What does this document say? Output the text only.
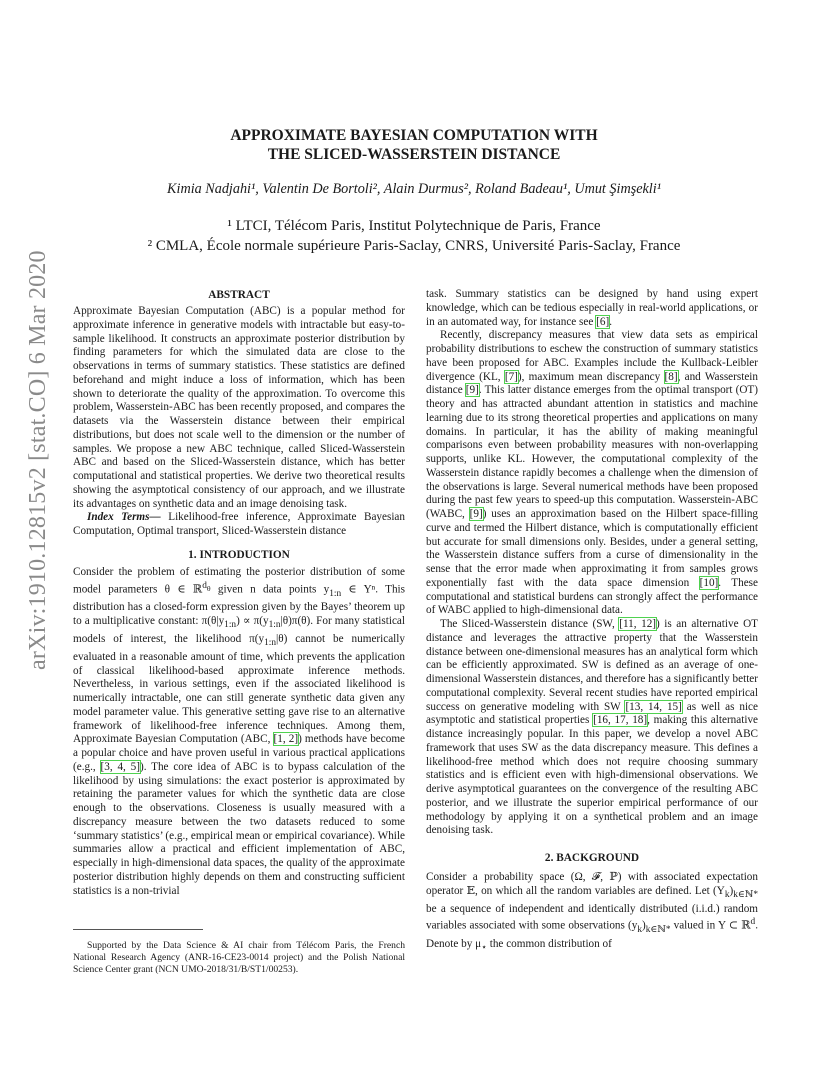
arXiv:1910.12815v2 [stat.CO] 6 Mar 2020
APPROXIMATE BAYESIAN COMPUTATION WITH
THE SLICED-WASSERSTEIN DISTANCE
Kimia Nadjahi¹, Valentin De Bortoli², Alain Durmus², Roland Badeau¹, Umut Şimşekli¹
¹ LTCI, Télécom Paris, Institut Polytechnique de Paris, France
² CMLA, École normale supérieure Paris-Saclay, CNRS, Université Paris-Saclay, France
ABSTRACT

Approximate Bayesian Computation (ABC) is a popular method for approximate inference in generative models with intractable but easy-to-sample likelihood. It constructs an approximate posterior distribution by finding parameters for which the simulated data are close to the observations in terms of summary statistics. These statistics are defined beforehand and might induce a loss of information, which has been shown to deteriorate the quality of the approximation. To overcome this problem, Wasserstein-ABC has been recently proposed, and compares the datasets via the Wasserstein distance between their empirical distributions, but does not scale well to the dimension or the number of samples. We propose a new ABC technique, called Sliced-Wasserstein ABC and based on the Sliced-Wasserstein distance, which has better computational and statistical properties. We derive two theoretical results showing the asymptotical consistency of our approach, and we illustrate its advantages on synthetic data and an image denoising task.

Index Terms— Likelihood-free inference, Approximate Bayesian Computation, Optimal transport, Sliced-Wasserstein distance

1. INTRODUCTION

Consider the problem of estimating the posterior distribution of some model parameters θ ∈ ℝ$^{d_\theta}$ given n data points $y_{1:n}$ ∈ Yⁿ. This distribution has a closed-form expression given by the Bayes’ theorem up to a multiplicative constant: $\pi(\theta|y_{1:n}) \propto \pi(y_{1:n}|\theta)\pi(\theta)$. For many statistical models of interest, the likelihood $\pi(y_{1:n}|\theta)$ cannot be numerically evaluated in a reasonable amount of time, which prevents the application of classical likelihood-based approximate inference methods. Nevertheless, in various settings, even if the associated likelihood is numerically intractable, one can still generate synthetic data given any model parameter value. This generative setting gave rise to an alternative framework of likelihood-free inference techniques. Among them, Approximate Bayesian Computation (ABC, [1, 2]) methods have become a popular choice and have proven useful in various practical applications (e.g., [3, 4, 5]). The core idea of ABC is to bypass calculation of the likelihood by using simulations: the exact posterior is approximated by retaining the parameter values for which the synthetic data are close enough to the observations. Closeness is usually measured with a discrepancy measure between the two datasets reduced to some ‘summary statistics’ (e.g., empirical mean or empirical covariance). While summaries allow a practical and efficient implementation of ABC, especially in high-dimensional data spaces, the quality of the approximate posterior distribution highly depends on them and constructing sufficient statistics is a non-trivial

Supported by the Data Science & AI chair from Télécom Paris, the French National Research Agency (ANR-16-CE23-0014 project) and the Polish National Science Center grant (NCN UMO-2018/31/B/ST1/00253).

task. Summary statistics can be designed by hand using expert knowledge, which can be tedious especially in real-world applications, or in an automated way, for instance see [6].

Recently, discrepancy measures that view data sets as empirical probability distributions to eschew the construction of summary statistics have been proposed for ABC. Examples include the Kullback-Leibler divergence (KL, [7]), maximum mean discrepancy [8], and Wasserstein distance [9]. This latter distance emerges from the optimal transport (OT) theory and has attracted abundant attention in statistics and machine learning due to its strong theoretical properties and applications on many domains. In particular, it has the ability of making meaningful comparisons even between probability measures with non-overlapping supports, unlike KL. However, the computational complexity of the Wasserstein distance rapidly becomes a challenge when the dimension of the observations is large. Several numerical methods have been proposed during the past few years to speed-up this computation. Wasserstein-ABC (WABC, [9]) uses an approximation based on the Hilbert space-filling curve and termed the Hilbert distance, which is computationally efficient but accurate for small dimensions only. Besides, under a general setting, the Wasserstein distance suffers from a curse of dimensionality in the sense that the error made when approximating it from samples grows exponentially fast with the data space dimension [10]. These computational and statistical burdens can strongly affect the performance of WABC applied to high-dimensional data.

The Sliced-Wasserstein distance (SW, [11, 12]) is an alternative OT distance and leverages the attractive property that the Wasserstein distance between one-dimensional measures has an analytical form which can be efficiently approximated. SW is defined as an average of one-dimensional Wasserstein distances, and therefore has a significantly better computational complexity. Several recent studies have reported empirical success on generative modeling with SW [13, 14, 15] as well as nice asymptotic and statistical properties [16, 17, 18], making this alternative distance increasingly popular. In this paper, we develop a novel ABC framework that uses SW as the data discrepancy measure. This defines a likelihood-free method which does not require choosing summary statistics and is efficient even with high-dimensional observations. We derive asymptotical guarantees on the convergence of the resulting ABC posterior, and we illustrate the superior empirical performance of our methodology by applying it on a synthetical problem and an image denoising task.

2. BACKGROUND

Consider a probability space (Ω, 𝓕, ℙ) with associated expectation operator 𝔼, on which all the random variables are defined. Let $(Y_k)_{k\in ℕ*}$ be a sequence of independent and identically distributed (i.i.d.) random variables associated with some observations $(y_k)_{k\in ℕ*}$ valued in Y ⊂ ℝ$^d$. Denote by $\mu_⋆$ the common distribution of
